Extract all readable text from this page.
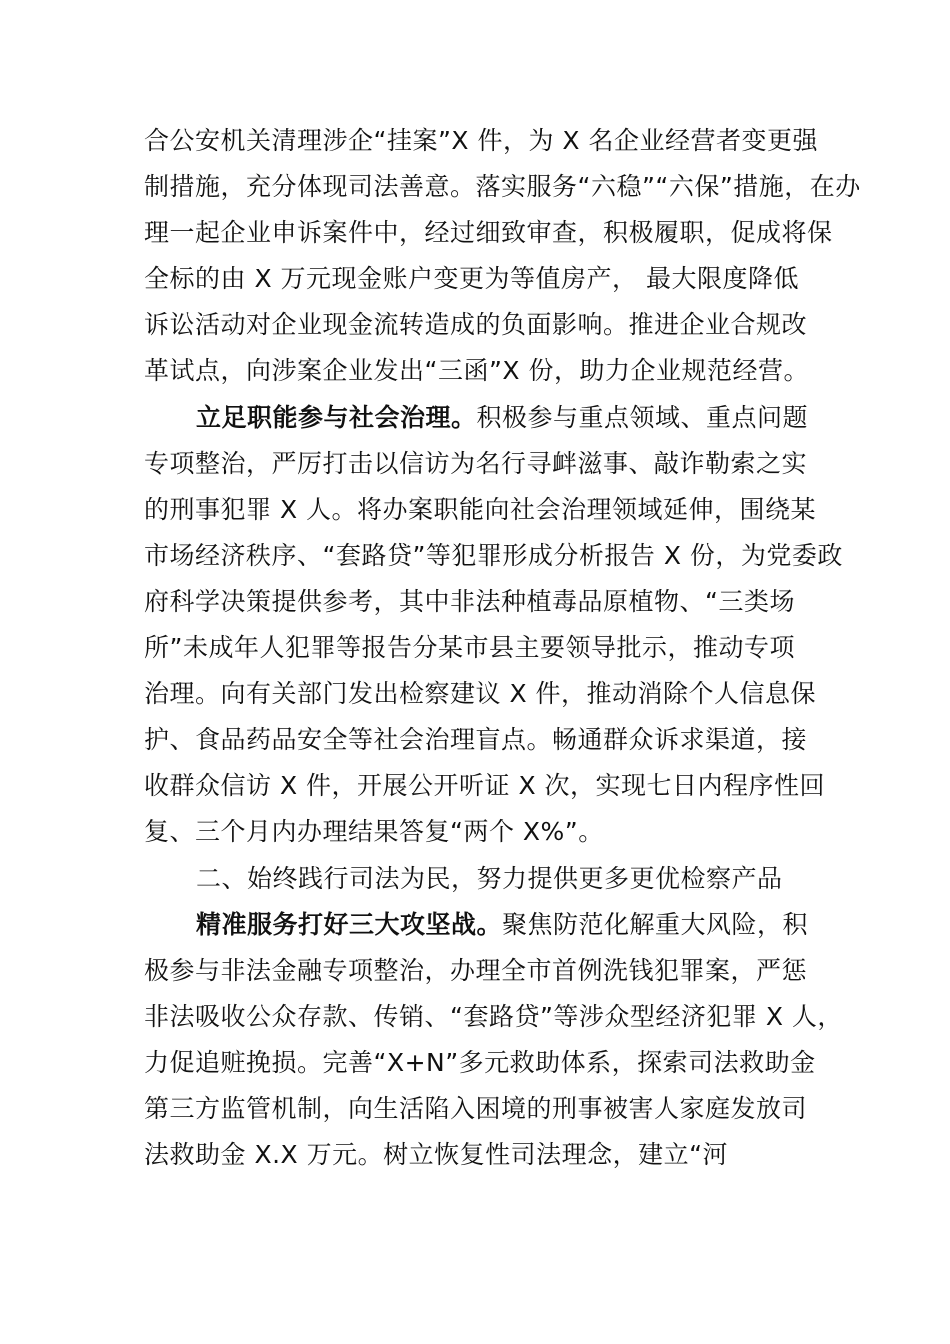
合公安机关清理涉企“挂案”X 件，为 X 名企业经营者变更强
制措施，充分体现司法善意。落实服务“六稳”“六保”措施，在办
理一起企业申诉案件中，经过细致审查，积极履职，促成将保
全标的由 X 万元现金账户变更为等值房产， 最大限度降低
诉讼活动对企业现金流转造成的负面影响。推进企业合规改
革试点，向涉案企业发出“三函”X 份，助力企业规范经营。
立足职能参与社会治理。积极参与重点领域、重点问题
专项整治，严厉打击以信访为名行寻衅滋事、敲诈勒索之实
的刑事犯罪 X 人。将办案职能向社会治理领域延伸，围绕某
市场经济秩序、“套路贷”等犯罪形成分析报告 X 份，为党委政
府科学决策提供参考，其中非法种植毒品原植物、“三类场
所”未成年人犯罪等报告分某市县主要领导批示，推动专项
治理。向有关部门发出检察建议 X 件，推动消除个人信息保
护、食品药品安全等社会治理盲点。畅通群众诉求渠道，接
收群众信访 X 件，开展公开听证 X 次，实现七日内程序性回
复、三个月内办理结果答复“两个 X%”。
二、始终践行司法为民，努力提供更多更优检察产品
精准服务打好三大攻坚战。聚焦防范化解重大风险，积
极参与非法金融专项整治，办理全市首例洗钱犯罪案，严惩
非法吸收公众存款、传销、“套路贷”等涉众型经济犯罪 X 人，
力促追赃挽损。完善“X+N”多元救助体系，探索司法救助金
第三方监管机制，向生活陷入困境的刑事被害人家庭发放司
法救助金 X.X 万元。树立恢复性司法理念，建立“河
